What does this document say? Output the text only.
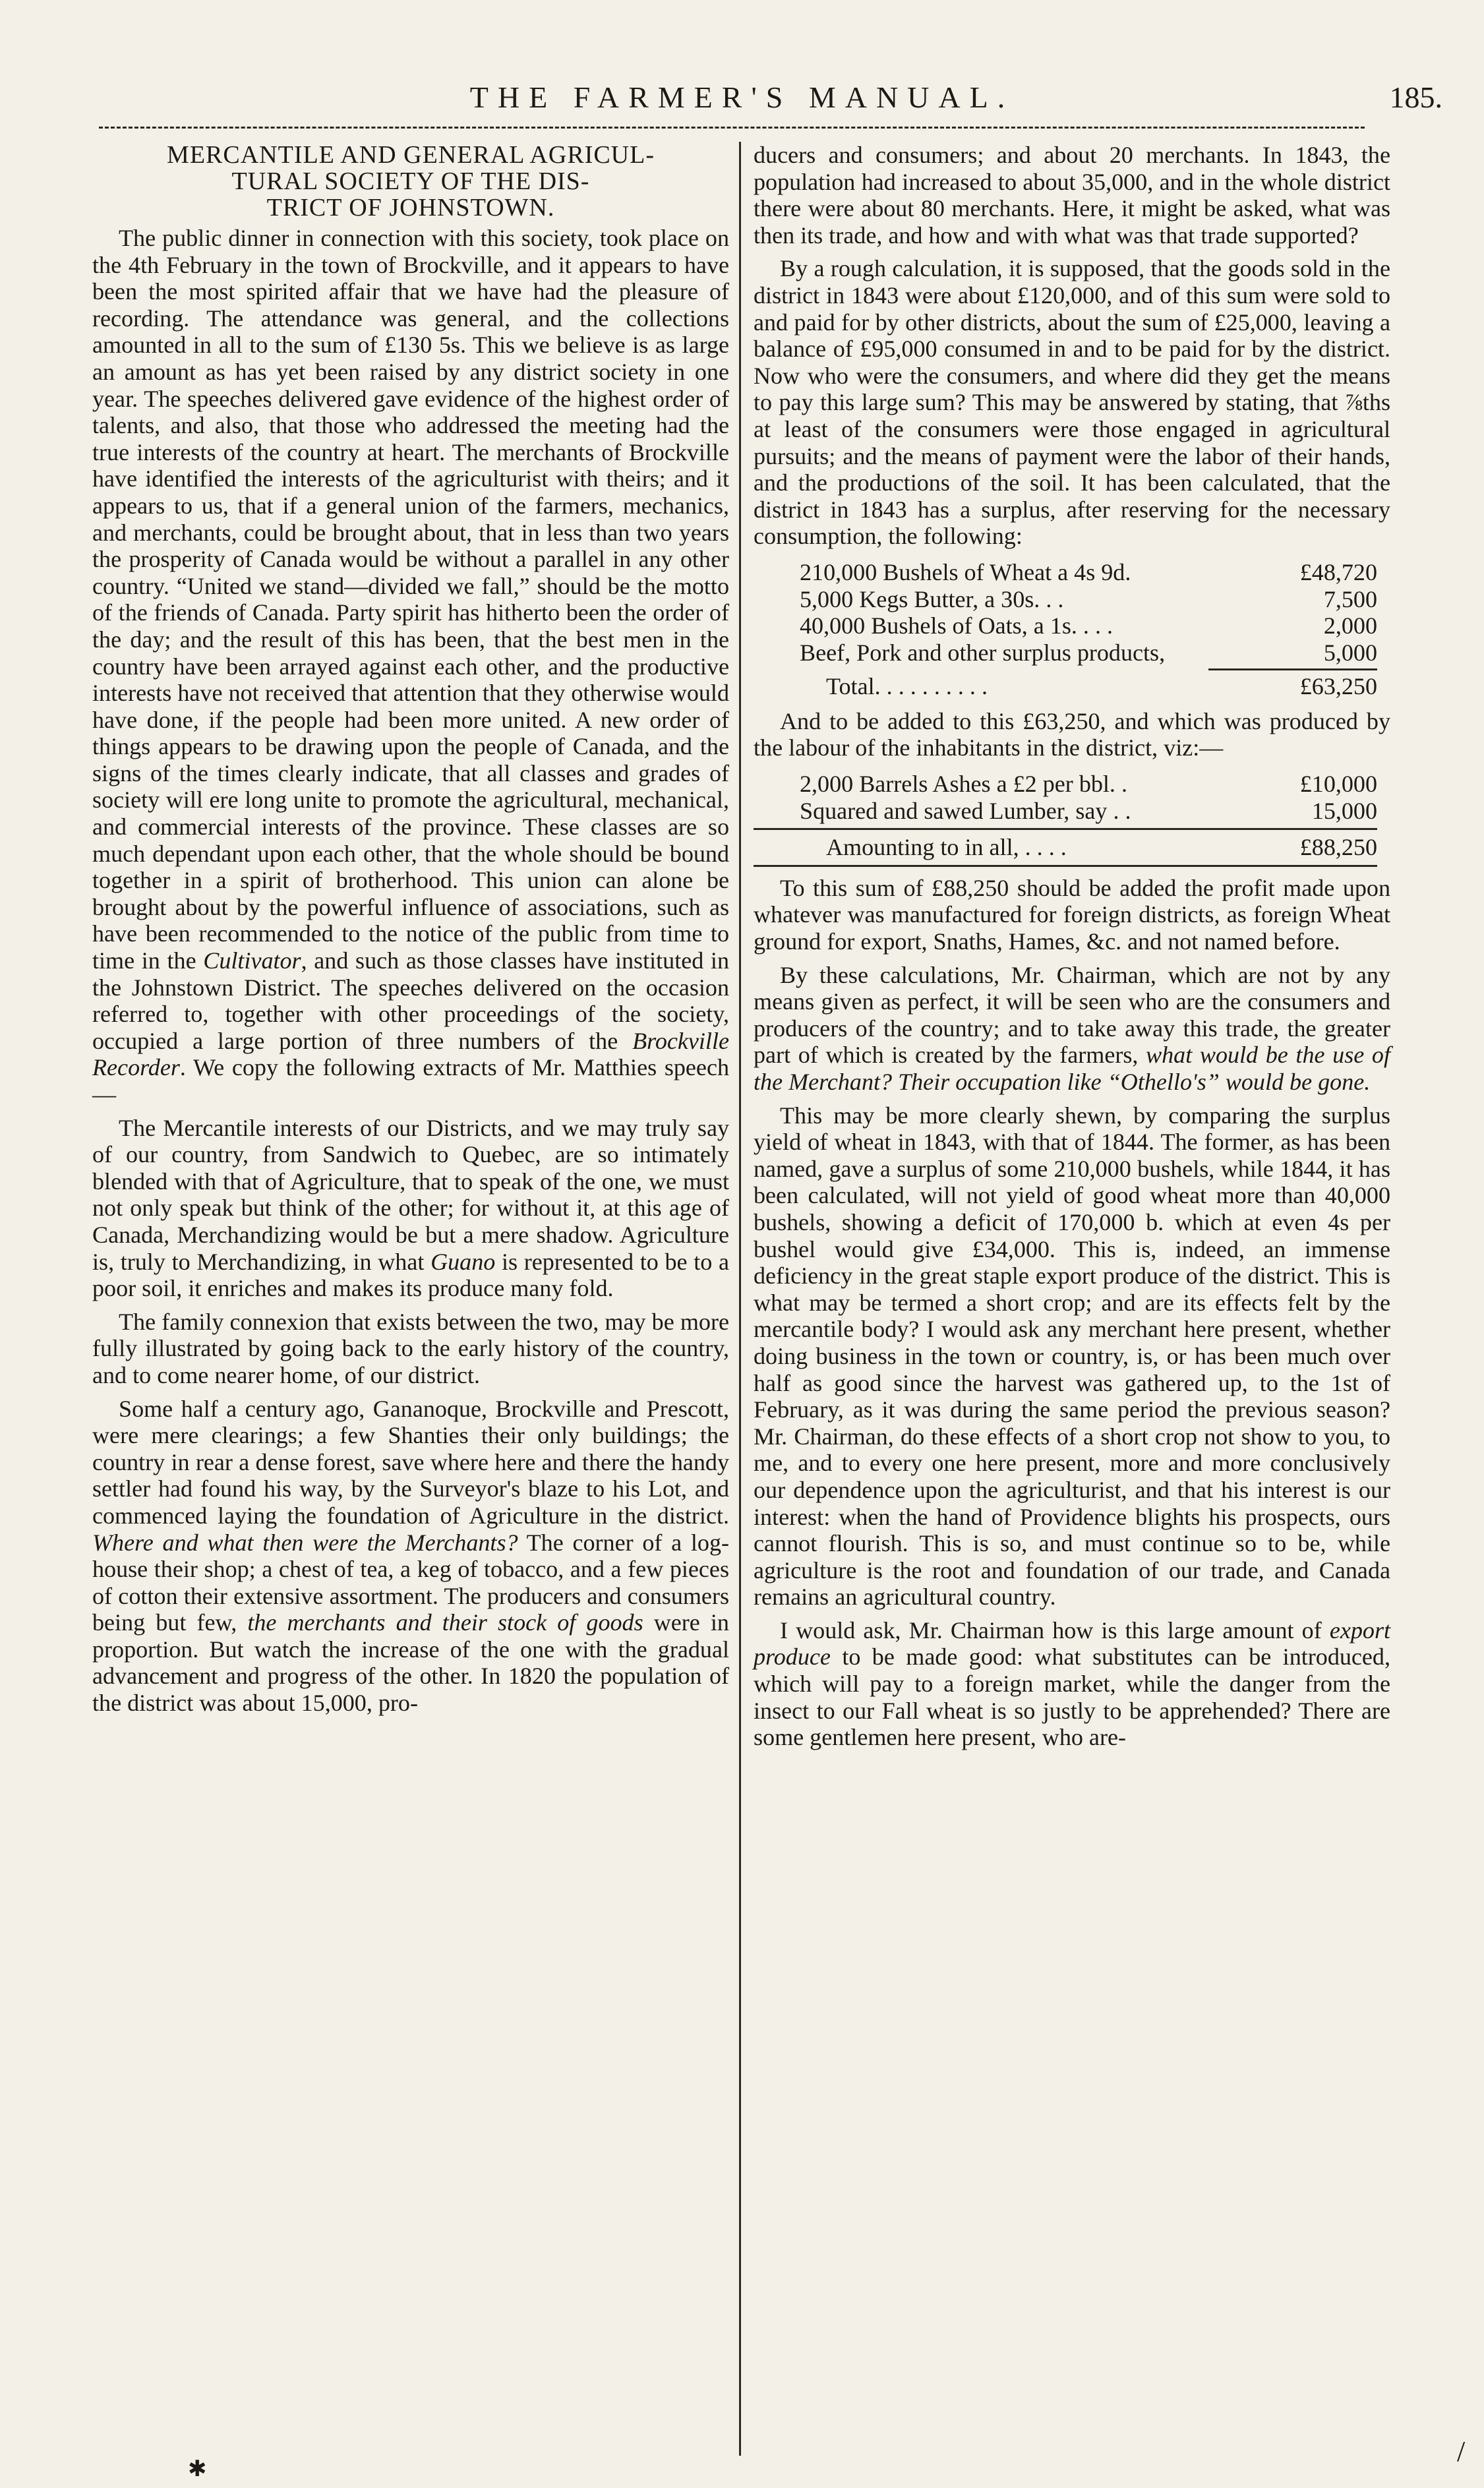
THE FARMER'S MANUAL.	185.
MERCANTILE AND GENERAL AGRICUL-
TURAL SOCIETY OF THE DIS-
TRICT OF JOHNSTOWN.

The public dinner in connection with this society, took place on the 4th February in the town of Brockville, and it appears to have been the most spirited affair that we have had the pleasure of recording. The attendance was general, and the collections amounted in all to the sum of £130 5s. This we believe is as large an amount as has yet been raised by any district society in one year. The speeches delivered gave evidence of the highest order of talents, and also, that those who addressed the meeting had the true interests of the country at heart. The merchants of Brockville have identified the interests of the agriculturist with theirs; and it appears to us, that if a general union of the farmers, mechanics, and merchants, could be brought about, that in less than two years the prosperity of Canada would be without a parallel in any other country. “United we stand—divided we fall,” should be the motto of the friends of Canada. Party spirit has hitherto been the order of the day; and the result of this has been, that the best men in the country have been arrayed against each other, and the productive interests have not received that attention that they otherwise would have done, if the people had been more united. A new order of things appears to be drawing upon the people of Canada, and the signs of the times clearly indicate, that all classes and grades of society will ere long unite to promote the agricultural, mechanical, and commercial interests of the province. These classes are so much dependant upon each other, that the whole should be bound together in a spirit of brotherhood. This union can alone be brought about by the powerful influence of associations, such as have been recommended to the notice of the public from time to time in the Cultivator, and such as those classes have instituted in the Johnstown District. The speeches delivered on the occasion referred to, together with other proceedings of the society, occupied a large portion of three numbers of the Brockville Recorder. We copy the following extracts of Mr. Matthies speech—

The Mercantile interests of our Districts, and we may truly say of our country, from Sandwich to Quebec, are so intimately blended with that of Agriculture, that to speak of the one, we must not only speak but think of the other; for without it, at this age of Canada, Merchandizing would be but a mere shadow. Agriculture is, truly to Merchandizing, in what Guano is represented to be to a poor soil, it enriches and makes its produce many fold.

The family connexion that exists between the two, may be more fully illustrated by going back to the early history of the country, and to come nearer home, of our district.

Some half a century ago, Gananoque, Brockville and Prescott, were mere clearings; a few Shanties their only buildings; the country in rear a dense forest, save where here and there the handy settler had found his way, by the Surveyor's blaze to his Lot, and commenced laying the foundation of Agriculture in the district. Where and what then were the Merchants? The corner of a log-house their shop; a chest of tea, a keg of tobacco, and a few pieces of cotton their extensive assortment. The producers and consumers being but few, the merchants and their stock of goods were in proportion. But watch the increase of the one with the gradual advancement and progress of the other. In 1820 the population of the district was about 15,000, pro-

ducers and consumers; and about 20 merchants. In 1843, the population had increased to about 35,000, and in the whole district there were about 80 merchants. Here, it might be asked, what was then its trade, and how and with what was that trade supported?

By a rough calculation, it is supposed, that the goods sold in the district in 1843 were about £120,000, and of this sum were sold to and paid for by other districts, about the sum of £25,000, leaving a balance of £95,000 consumed in and to be paid for by the district. Now who were the consumers, and where did they get the means to pay this large sum? This may be answered by stating, that ⅞ths at least of the consumers were those engaged in agricultural pursuits; and the means of payment were the labor of their hands, and the productions of the soil. It has been calculated, that the district in 1843 has a surplus, after reserving for the necessary consumption, the following:

210,000 Bushels of Wheat a 4s 9d.	£48,720
5,000 Kegs Butter, a 30s. . .	7,500
40,000 Bushels of Oats, a 1s. . . .	2,000
Beef, Pork and other surplus products,	5,000
Total. . . . . . . . . .	£63,250

And to be added to this £63,250, and which was produced by the labour of the inhabitants in the district, viz:—

2,000 Barrels Ashes a £2 per bbl. .	£10,000
Squared and sawed Lumber, say . .	15,000
Amounting to in all, . . . .	£88,250

To this sum of £88,250 should be added the profit made upon whatever was manufactured for foreign districts, as foreign Wheat ground for export, Snaths, Hames, &c. and not named before.

By these calculations, Mr. Chairman, which are not by any means given as perfect, it will be seen who are the consumers and producers of the country; and to take away this trade, the greater part of which is created by the farmers, what would be the use of the Merchant? Their occupation like “Othello's” would be gone.

This may be more clearly shewn, by comparing the surplus yield of wheat in 1843, with that of 1844. The former, as has been named, gave a surplus of some 210,000 bushels, while 1844, it has been calculated, will not yield of good wheat more than 40,000 bushels, showing a deficit of 170,000 b. which at even 4s per bushel would give £34,000. This is, indeed, an immense deficiency in the great staple export produce of the district. This is what may be termed a short crop; and are its effects felt by the mercantile body? I would ask any merchant here present, whether doing business in the town or country, is, or has been much over half as good since the harvest was gathered up, to the 1st of February, as it was during the same period the previous season? Mr. Chairman, do these effects of a short crop not show to you, to me, and to every one here present, more and more conclusively our dependence upon the agriculturist, and that his interest is our interest: when the hand of Providence blights his prospects, ours cannot flourish. This is so, and must continue so to be, while agriculture is the root and foundation of our trade, and Canada remains an agricultural country.

I would ask, Mr. Chairman how is this large amount of export produce to be made good: what substitutes can be introduced, which will pay to a foreign market, while the danger from the insect to our Fall wheat is so justly to be apprehended? There are some gentlemen here present, who are-

✱
/
